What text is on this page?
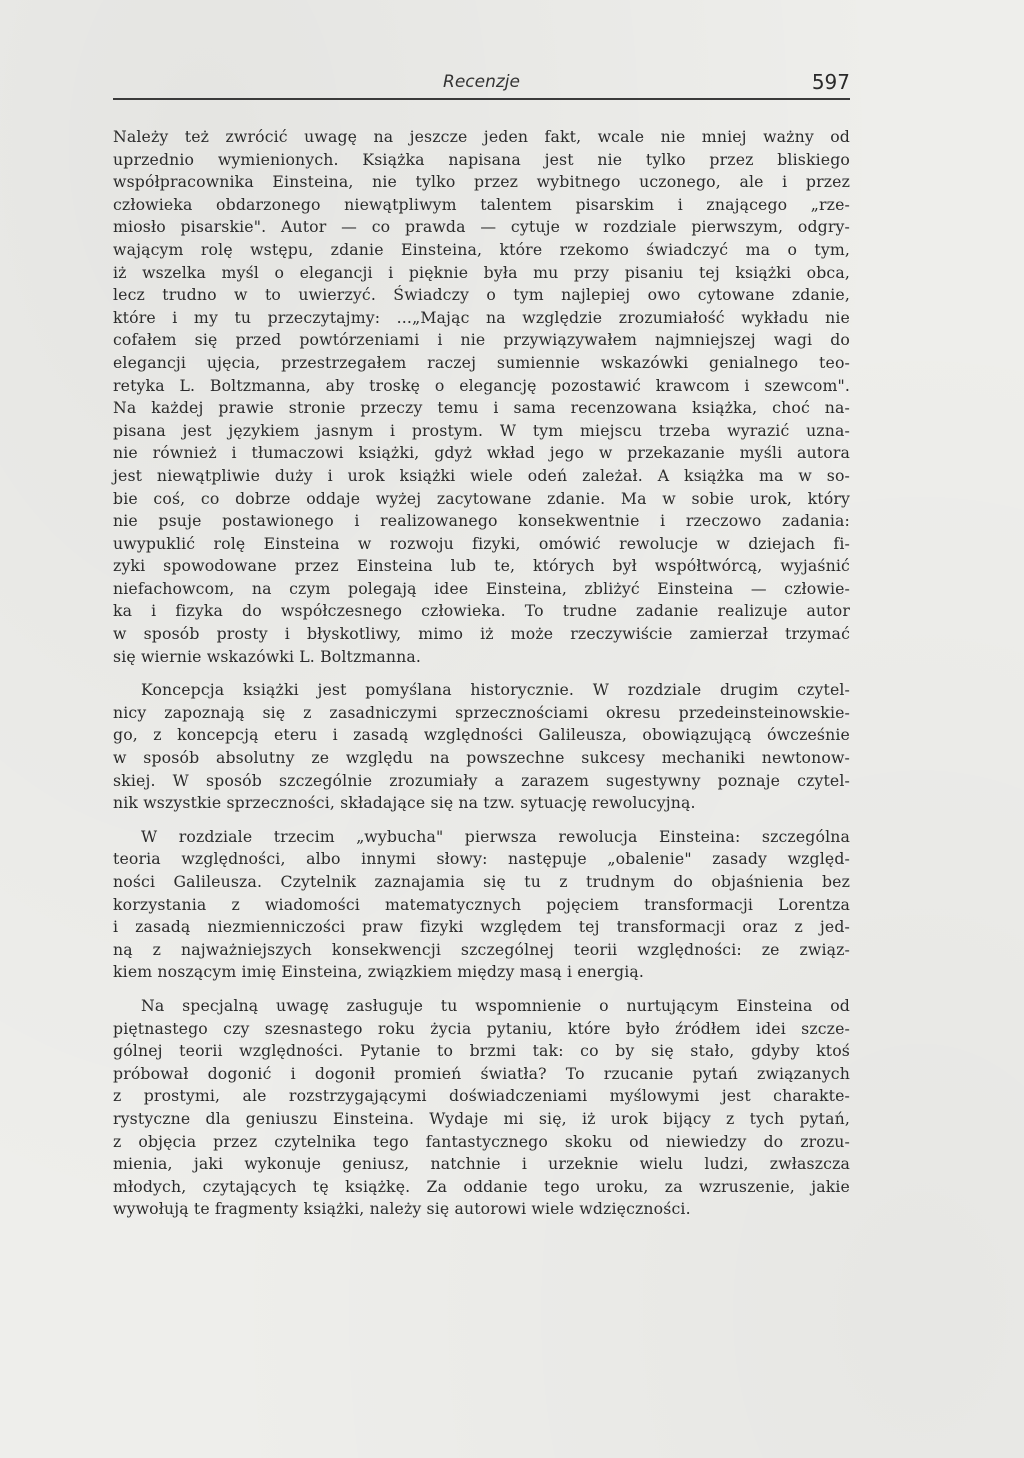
Recenzje	597
Należy też zwrócić uwagę na jeszcze jeden fakt, wcale nie mniej ważny od
uprzednio wymienionych. Książka napisana jest nie tylko przez bliskiego
współpracownika Einsteina, nie tylko przez wybitnego uczonego, ale i przez
człowieka obdarzonego niewątpliwym talentem pisarskim i znającego „rze-
miosło pisarskie". Autor — co prawda — cytuje w rozdziale pierwszym, odgry-
wającym rolę wstępu, zdanie Einsteina, które rzekomo świadczyć ma o tym,
iż wszelka myśl o elegancji i pięknie była mu przy pisaniu tej książki obca,
lecz trudno w to uwierzyć. Świadczy o tym najlepiej owo cytowane zdanie,
które i my tu przeczytajmy: ...„Mając na względzie zrozumiałość wykładu nie
cofałem się przed powtórzeniami i nie przywiązywałem najmniejszej wagi do
elegancji ujęcia, przestrzegałem raczej sumiennie wskazówki genialnego teo-
retyka L. Boltzmanna, aby troskę o elegancję pozostawić krawcom i szewcom".
Na każdej prawie stronie przeczy temu i sama recenzowana książka, choć na-
pisana jest językiem jasnym i prostym. W tym miejscu trzeba wyrazić uzna-
nie również i tłumaczowi książki, gdyż wkład jego w przekazanie myśli autora
jest niewątpliwie duży i urok książki wiele odeń zależał. A książka ma w so-
bie coś, co dobrze oddaje wyżej zacytowane zdanie. Ma w sobie urok, który
nie psuje postawionego i realizowanego konsekwentnie i rzeczowo zadania:
uwypuklić rolę Einsteina w rozwoju fizyki, omówić rewolucje w dziejach fi-
zyki spowodowane przez Einsteina lub te, których był współtwórcą, wyjaśnić
niefachowcom, na czym polegają idee Einsteina, zbliżyć Einsteina — człowie-
ka i fizyka do współczesnego człowieka. To trudne zadanie realizuje autor
w sposób prosty i błyskotliwy, mimo iż może rzeczywiście zamierzał trzymać
się wiernie wskazówki L. Boltzmanna.
Koncepcja książki jest pomyślana historycznie. W rozdziale drugim czytel-
nicy zapoznają się z zasadniczymi sprzecznościami okresu przedeinsteinowskie-
go, z koncepcją eteru i zasadą względności Galileusza, obowiązującą ówcześnie
w sposób absolutny ze względu na powszechne sukcesy mechaniki newtonow-
skiej. W sposób szczególnie zrozumiały a zarazem sugestywny poznaje czytel-
nik wszystkie sprzeczności, składające się na tzw. sytuację rewolucyjną.
W rozdziale trzecim „wybucha" pierwsza rewolucja Einsteina: szczególna
teoria względności, albo innymi słowy: następuje „obalenie" zasady względ-
ności Galileusza. Czytelnik zaznajamia się tu z trudnym do objaśnienia bez
korzystania z wiadomości matematycznych pojęciem transformacji Lorentza
i zasadą niezmienniczości praw fizyki względem tej transformacji oraz z jed-
ną z najważniejszych konsekwencji szczególnej teorii względności: ze związ-
kiem noszącym imię Einsteina, związkiem między masą i energią.
Na specjalną uwagę zasługuje tu wspomnienie o nurtującym Einsteina od
piętnastego czy szesnastego roku życia pytaniu, które było źródłem idei szcze-
gólnej teorii względności. Pytanie to brzmi tak: co by się stało, gdyby ktoś
próbował dogonić i dogonił promień światła? To rzucanie pytań związanych
z prostymi, ale rozstrzygającymi doświadczeniami myślowymi jest charakte-
rystyczne dla geniuszu Einsteina. Wydaje mi się, iż urok bijący z tych pytań,
z objęcia przez czytelnika tego fantastycznego skoku od niewiedzy do zrozu-
mienia, jaki wykonuje geniusz, natchnie i urzeknie wielu ludzi, zwłaszcza
młodych, czytających tę książkę. Za oddanie tego uroku, za wzruszenie, jakie
wywołują te fragmenty książki, należy się autorowi wiele wdzięczności.
